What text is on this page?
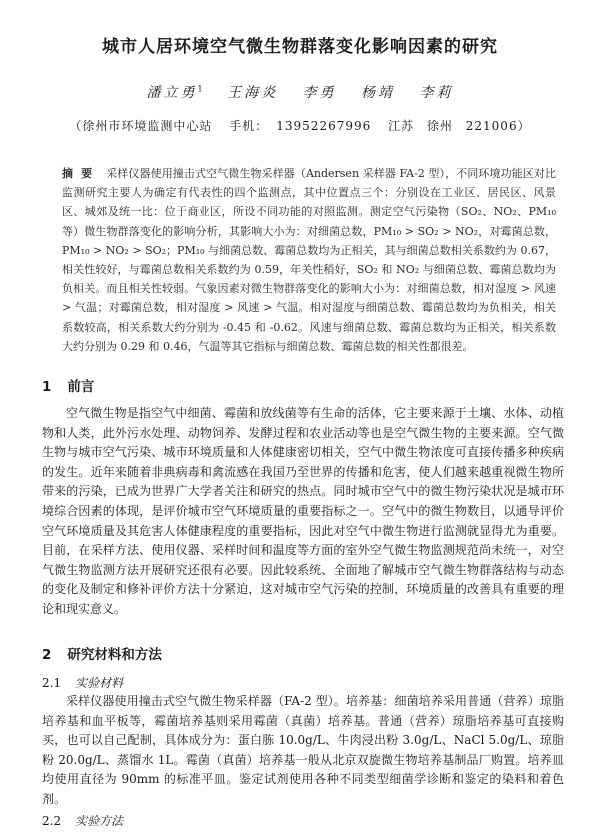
城市人居环境空气微生物群落变化影响因素的研究
潘立勇$^1$ 王海炎 李勇 杨靖 李莉
（徐州市环境监测中心站 手机： 13952267996 江苏 徐州 221006）
摘要 采样仪器使用撞击式空气微生物采样器（Andersen 采样器 FA-2 型），不同环境功能区对比监测研究主要人为确定有代表性的四个监测点，其中位置点三个：分别设在工业区、居民区、风景区、城郊及统一比：位于商业区，所设不同功能的对照监测。测定空气污染物（SO₂、NO₂、PM₁₀等）微生物群落变化的影响分析，其影响大小为：对细菌总数，PM₁₀ > SO₂ > NO₂，对霉菌总数，PM₁₀ > NO₂ > SO₂；PM₁₀ 与细菌总数、霉菌总数均为正相关，其与细菌总数相关系数约为 0.67，相关性较好，与霉菌总数相关系数约为 0.59，年关性稍好，SO₂ 和 NO₂ 与细菌总数、霉菌总数均为负相关。而且相关性较弱。气象因素对微生物群落变化的影响大小为：对细菌总数，相对湿度 > 风速 > 气温；对霉菌总数，相对湿度 > 风速 > 气温。相对湿度与细菌总数、霉菌总数均为负相关，相关系数较高，相关系数大约分别为 -0.45 和 -0.62。风速与细菌总数、霉菌总数均为正相关，相关系数大约分别为 0.29 和 0.46，气温等其它指标与细菌总数、霉菌总数的相关性都很差。
1 前言
空气微生物是指空气中细菌、霉菌和放线菌等有生命的活体，它主要来源于土壤、水体、动植物和人类，此外污水处理、动物饲养、发酵过程和农业活动等也是空气微生物的主要来源。空气微生物与城市空气污染、城市环境质量和人体健康密切相关，空气中微生物浓度可直接传播多种疾病的发生。近年来随着非典病毒和禽流感在我国乃至世界的传播和危害，使人们越来越重视微生物所带来的污染，已成为世界广大学者关注和研究的热点。同时城市空气中的微生物污染状况是城市环境综合因素的体现，是评价城市空气环境质量的重要指标之一。空气中的微生物数目，以通导评价空气环境质量及其危害人体健康程度的重要指标，因此对空气中微生物进行监测就显得尤为重要。目前，在采样方法、使用仪器、采样时间和温度等方面的室外空气微生物监测规范尚未统一，对空气微生物监测方法开展研究还很有必要。因此较系统、全面地了解城市空气微生物群落结构与动态的变化及制定和修补评价方法十分紧迫，这对城市空气污染的控制，环境质量的改善具有重要的理论和现实意义。
2 研究材料和方法
2.1 实验材料
采样仪器使用撞击式空气微生物采样器（FA-2 型）。培养基：细菌培养采用普通（营养）琼脂培养基和血平板等，霉菌培养基则采用霉菌（真菌）培养基。普通（营养）琼脂培养基可直接购买，也可以自己配制，具体成分为：蛋白胨 10.0g/L、牛肉浸出粉 3.0g/L、NaCl 5.0g/L、琼脂粉 20.0g/L、蒸馏水 1L。霉菌（真菌）培养基一般从北京双旋微生物培养基制品厂购置。培养皿均使用直径为 90mm 的标准平皿。鉴定试剂使用各种不同类型细菌学诊断和鉴定的染料和着色剂。
2.2 实验方法
